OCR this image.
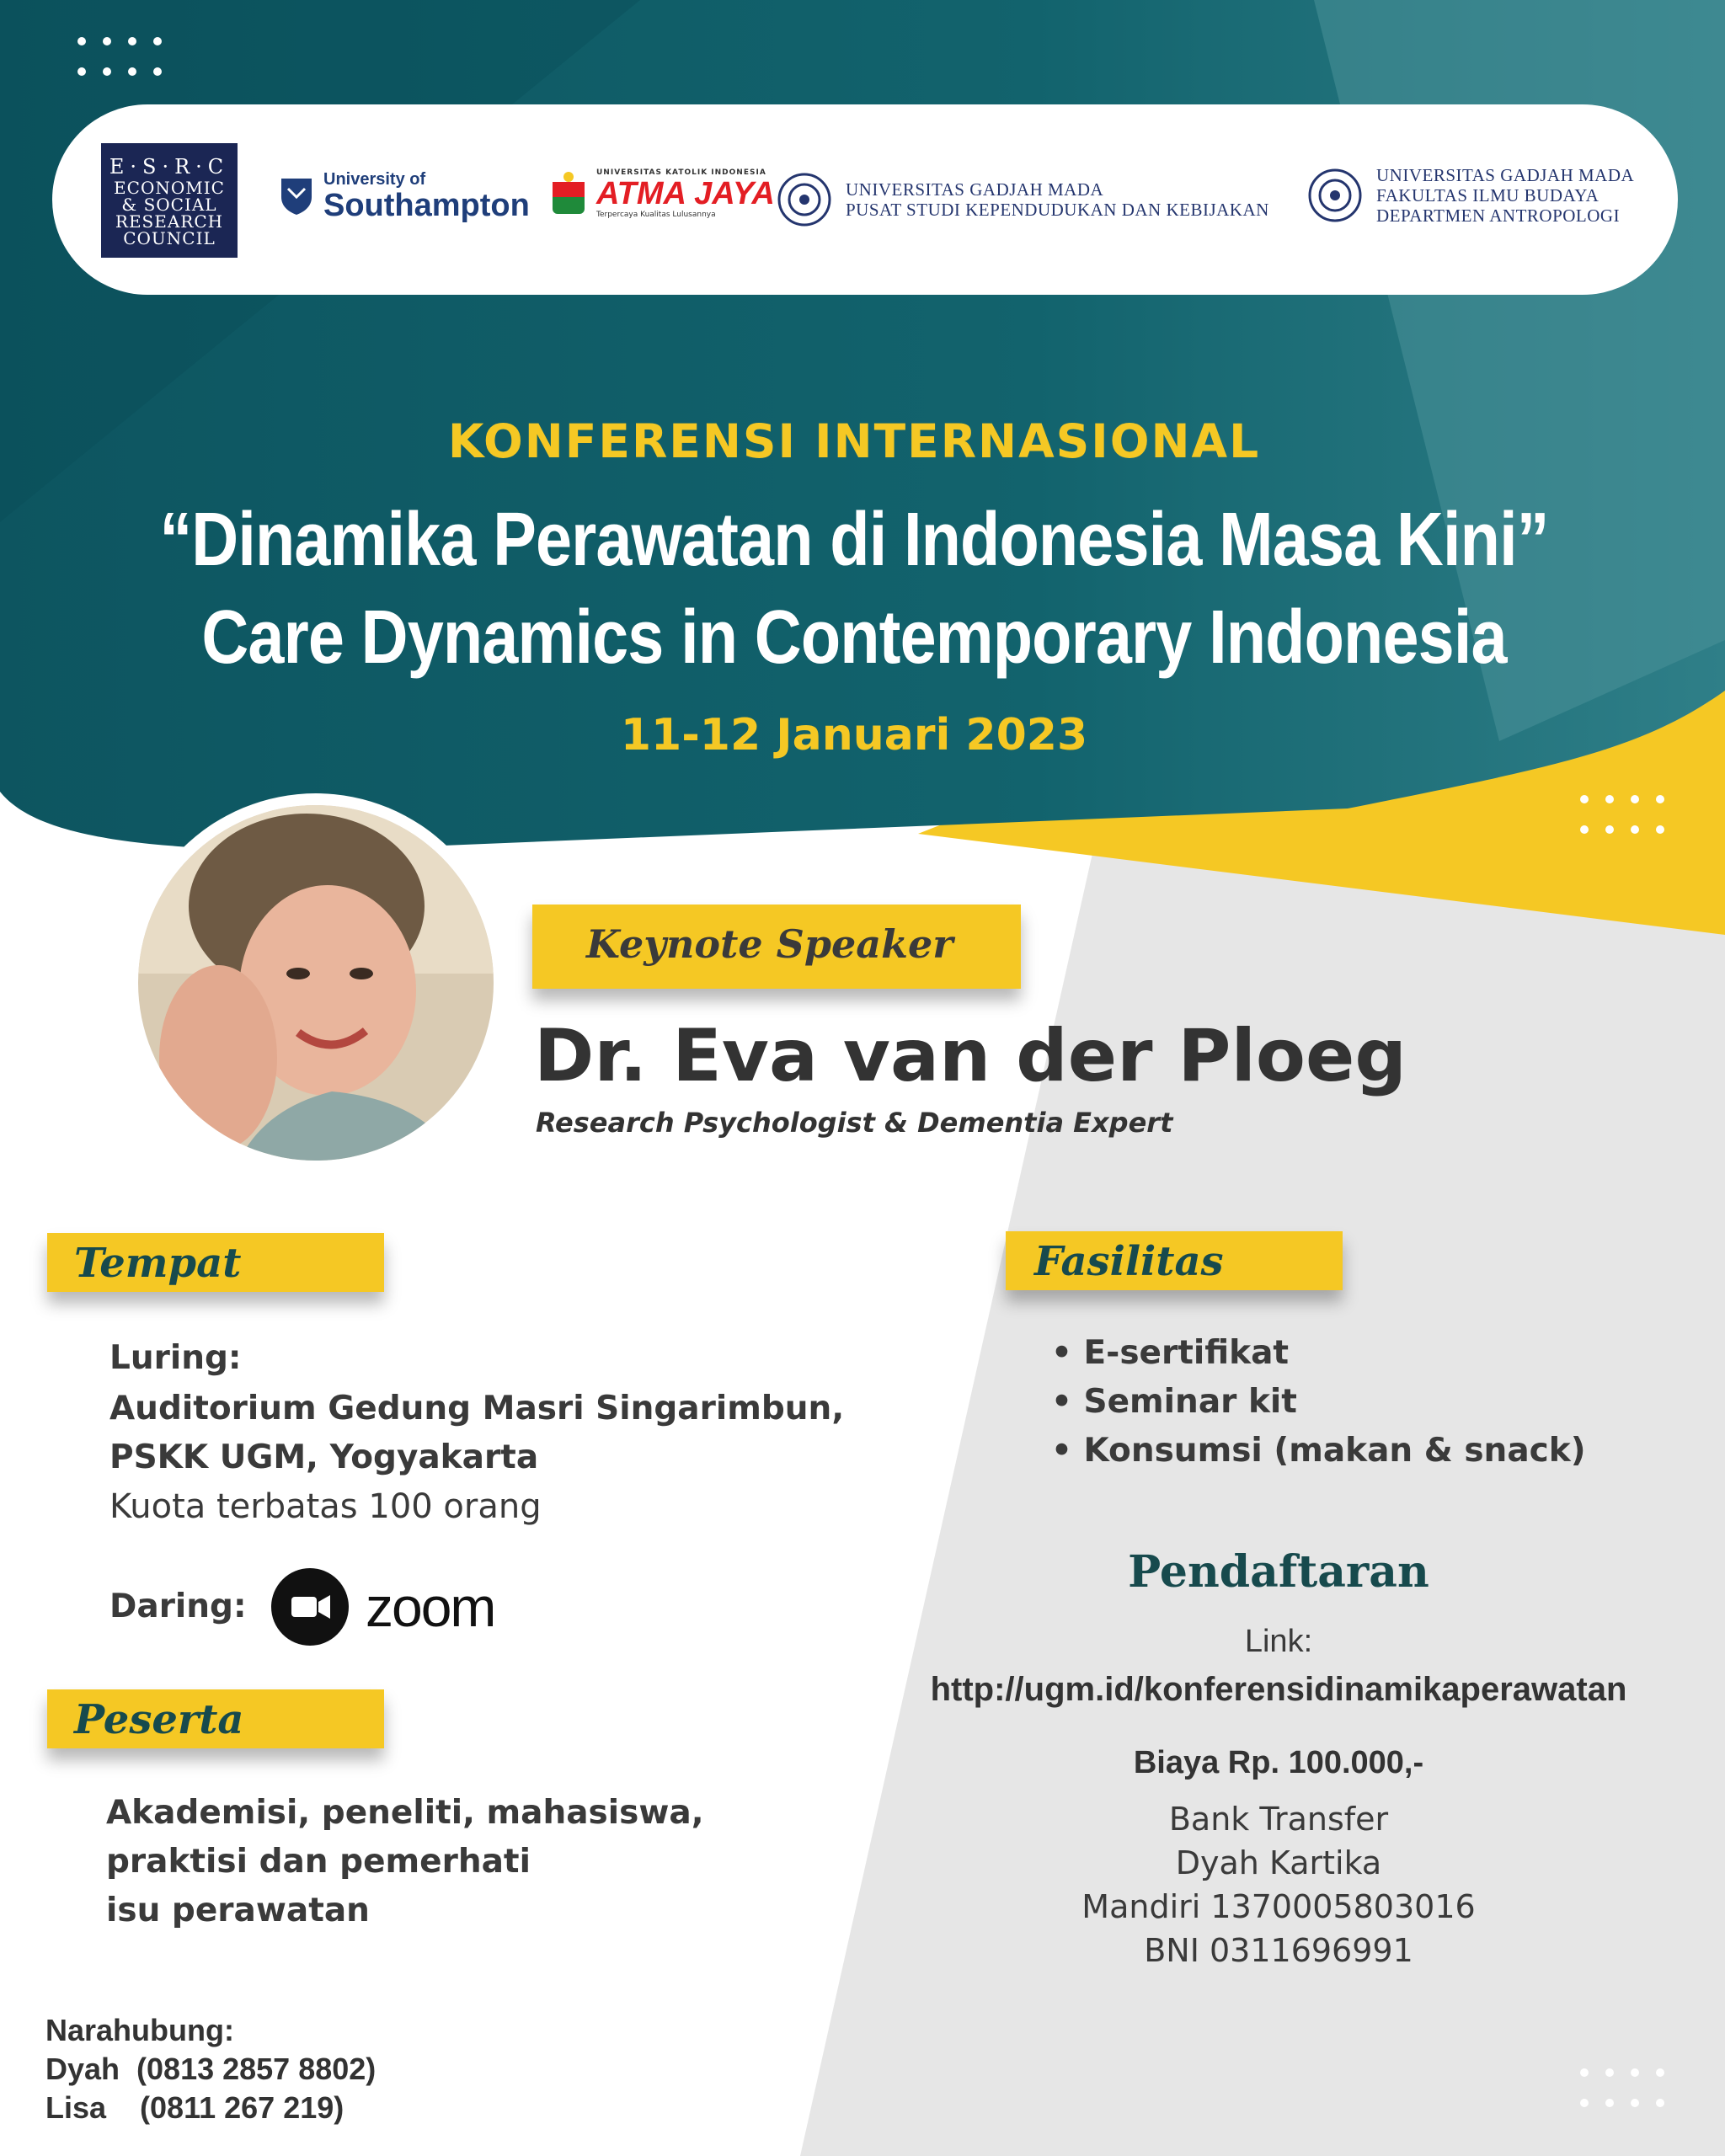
E·S·R·C
ECONOMIC
& SOCIAL
RESEARCH
COUNCIL
University of
Southampton
UNIVERSITAS KATOLIK INDONESIA
ATMA JAYA
Terpercaya Kualitas Lulusannya
UNIVERSITAS GADJAH MADA
PUSAT STUDI KEPENDUDUKAN DAN KEBIJAKAN
UNIVERSITAS GADJAH MADA
FAKULTAS ILMU BUDAYA
DEPARTMEN ANTROPOLOGI
KONFERENSI INTERNASIONAL
“Dinamika Perawatan di Indonesia Masa Kini”
Care Dynamics in Contemporary Indonesia
11-12 Januari 2023
Keynote Speaker
Dr. Eva van der Ploeg
Research Psychologist & Dementia Expert
Tempat
Luring:
Auditorium Gedung Masri Singarimbun,
PSKK UGM, Yogyakarta
Kuota terbatas 100 orang
Daring: zoom
Peserta
Akademisi, peneliti, mahasiswa,
praktisi dan pemerhati
isu perawatan
Fasilitas
• E-sertifikat
• Seminar kit
• Konsumsi (makan & snack)
Pendaftaran
Link:
http://ugm.id/konferensidinamikaperawatan
Biaya Rp. 100.000,-
Bank Transfer
Dyah Kartika
Mandiri 1370005803016
BNI 0311696991
Narahubung:
Dyah  (0813 2857 8802)
Lisa    (0811 267 219)
